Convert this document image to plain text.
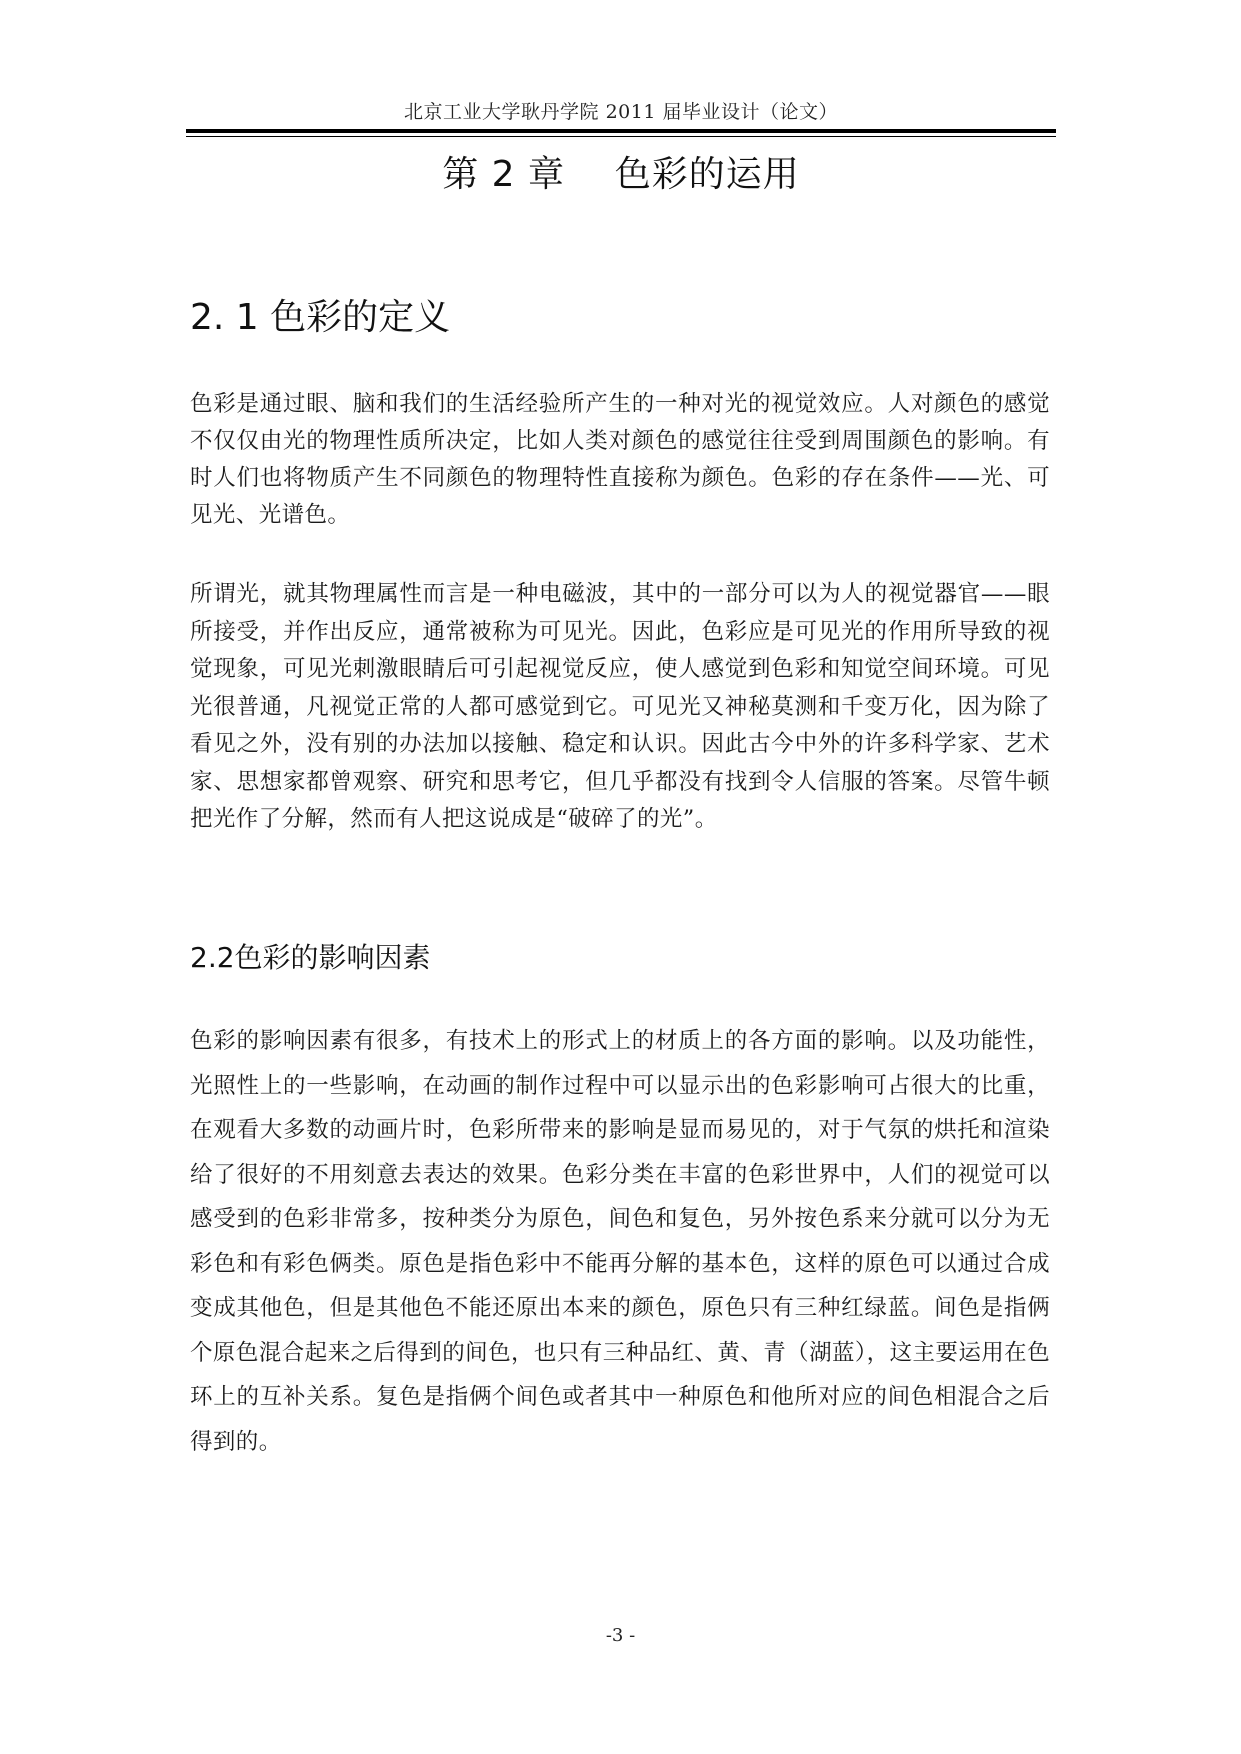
北京工业大学耿丹学院 2011 届毕业设计（论文）
第 2 章    色彩的运用
2. 1 色彩的定义
色彩是通过眼、脑和我们的生活经验所产生的一种对光的视觉效应。人对颜色的感觉不仅仅由光的物理性质所决定，比如人类对颜色的感觉往往受到周围颜色的影响。有时人们也将物质产生不同颜色的物理特性直接称为颜色。色彩的存在条件——光、可见光、光谱色。
所谓光，就其物理属性而言是一种电磁波，其中的一部分可以为人的视觉器官——眼所接受，并作出反应，通常被称为可见光。因此，色彩应是可见光的作用所导致的视觉现象，可见光刺激眼睛后可引起视觉反应，使人感觉到色彩和知觉空间环境。可见光很普通，凡视觉正常的人都可感觉到它。可见光又神秘莫测和千变万化，因为除了看见之外，没有别的办法加以接触、稳定和认识。因此古今中外的许多科学家、艺术家、思想家都曾观察、研究和思考它，但几乎都没有找到令人信服的答案。尽管牛顿把光作了分解，然而有人把这说成是“破碎了的光”。
2.2色彩的影响因素
色彩的影响因素有很多，有技术上的形式上的材质上的各方面的影响。以及功能性，光照性上的一些影响，在动画的制作过程中可以显示出的色彩影响可占很大的比重，在观看大多数的动画片时，色彩所带来的影响是显而易见的，对于气氛的烘托和渲染给了很好的不用刻意去表达的效果。色彩分类在丰富的色彩世界中，人们的视觉可以感受到的色彩非常多，按种类分为原色，间色和复色，另外按色系来分就可以分为无彩色和有彩色俩类。原色是指色彩中不能再分解的基本色，这样的原色可以通过合成变成其他色，但是其他色不能还原出本来的颜色，原色只有三种红绿蓝。间色是指俩个原色混合起来之后得到的间色，也只有三种品红、黄、青（湖蓝），这主要运用在色环上的互补关系。复色是指俩个间色或者其中一种原色和他所对应的间色相混合之后得到的。
-3 -
